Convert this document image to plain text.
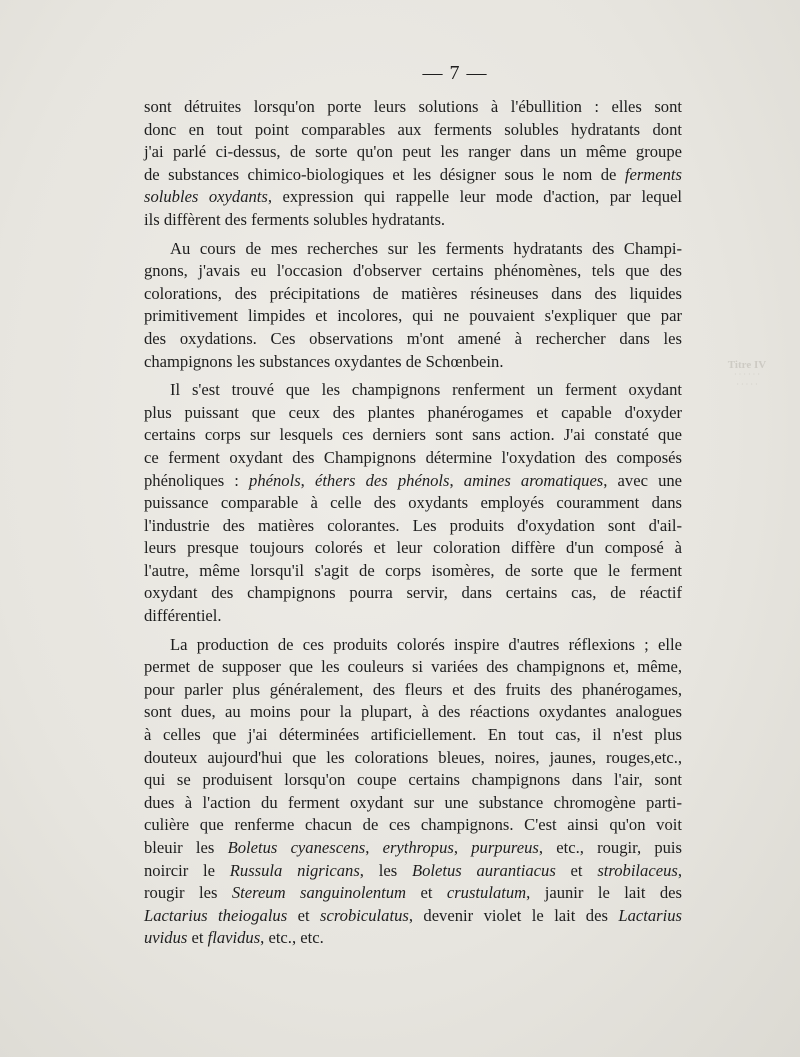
Titre IV
· · · · · ·
· · · · ·
— 7 —
sont détruites lorsqu'on porte leurs solutions à l'ébullition : elles sont
donc en tout point comparables aux ferments solubles hydratants dont
j'ai parlé ci-dessus, de sorte qu'on peut les ranger dans un même groupe
de substances chimico-biologiques et les désigner sous le nom de ferments
solubles oxydants, expression qui rappelle leur mode d'action, par lequel
ils diffèrent des ferments solubles hydratants.
Au cours de mes recherches sur les ferments hydratants des Champi-
gnons, j'avais eu l'occasion d'observer certains phénomènes, tels que des
colorations, des précipitations de matières résineuses dans des liquides
primitivement limpides et incolores, qui ne pouvaient s'expliquer que par
des oxydations. Ces observations m'ont amené à rechercher dans les
champignons les substances oxydantes de Schœnbein.
Il s'est trouvé que les champignons renferment un ferment oxydant
plus puissant que ceux des plantes phanérogames et capable d'oxyder
certains corps sur lesquels ces derniers sont sans action. J'ai constaté que
ce ferment oxydant des Champignons détermine l'oxydation des composés
phénoliques : phénols, éthers des phénols, amines aromatiques, avec une
puissance comparable à celle des oxydants employés couramment dans
l'industrie des matières colorantes. Les produits d'oxydation sont d'ail-
leurs presque toujours colorés et leur coloration diffère d'un composé à
l'autre, même lorsqu'il s'agit de corps isomères, de sorte que le ferment
oxydant des champignons pourra servir, dans certains cas, de réactif
différentiel.
La production de ces produits colorés inspire d'autres réflexions ; elle
permet de supposer que les couleurs si variées des champignons et, même,
pour parler plus généralement, des fleurs et des fruits des phanérogames,
sont dues, au moins pour la plupart, à des réactions oxydantes analogues
à celles que j'ai déterminées artificiellement. En tout cas, il n'est plus
douteux aujourd'hui que les colorations bleues, noires, jaunes, rouges,etc.,
qui se produisent lorsqu'on coupe certains champignons dans l'air, sont
dues à l'action du ferment oxydant sur une substance chromogène parti-
culière que renferme chacun de ces champignons. C'est ainsi qu'on voit
bleuir les Boletus cyanescens, erythropus, purpureus, etc., rougir, puis
noircir le Russula nigricans, les Boletus aurantiacus et strobilaceus,
rougir les Stereum sanguinolentum et crustulatum, jaunir le lait des
Lactarius theiogalus et scrobiculatus, devenir violet le lait des Lactarius
uvidus et flavidus, etc., etc.
